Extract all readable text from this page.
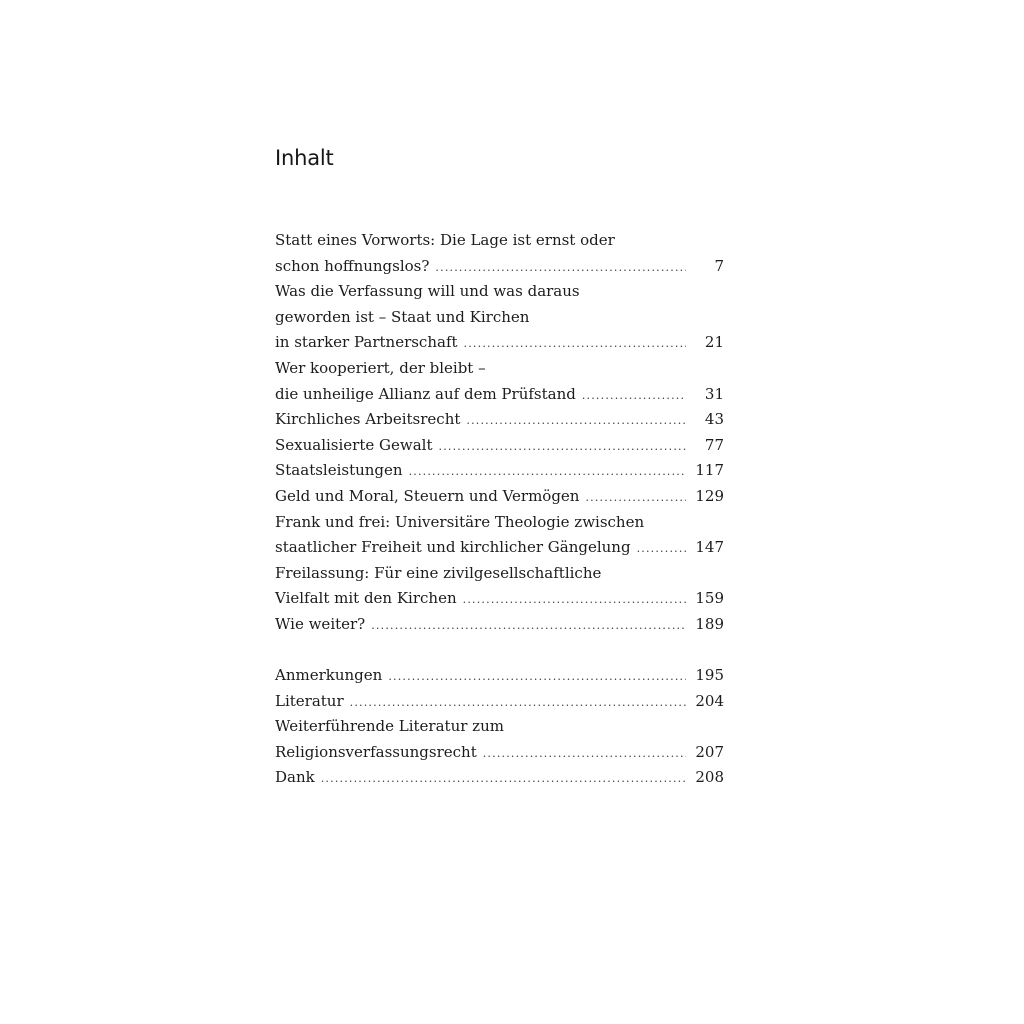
Inhalt
Statt eines Vorworts: Die Lage ist ernst oder
schon hoffnungslos? .....	7
Was die Verfassung will und was daraus
geworden ist – Staat und Kirchen
in starker Partnerschaft .....	21
Wer kooperiert, der bleibt –
die unheilige Allianz auf dem Prüfstand .....	31
Kirchliches Arbeitsrecht .....	43
Sexualisierte Gewalt .....	77
Staatsleistungen .....	117
Geld und Moral, Steuern und Vermögen .....	129
Frank und frei: Universitäre Theologie zwischen
staatlicher Freiheit und kirchlicher Gängelung .....	147
Freilassung: Für eine zivilgesellschaftliche
Vielfalt mit den Kirchen .....	159
Wie weiter? .....	189
Anmerkungen .....	195
Literatur .....	204
Weiterführende Literatur zum
Religionsverfassungsrecht .....	207
Dank .....	208
